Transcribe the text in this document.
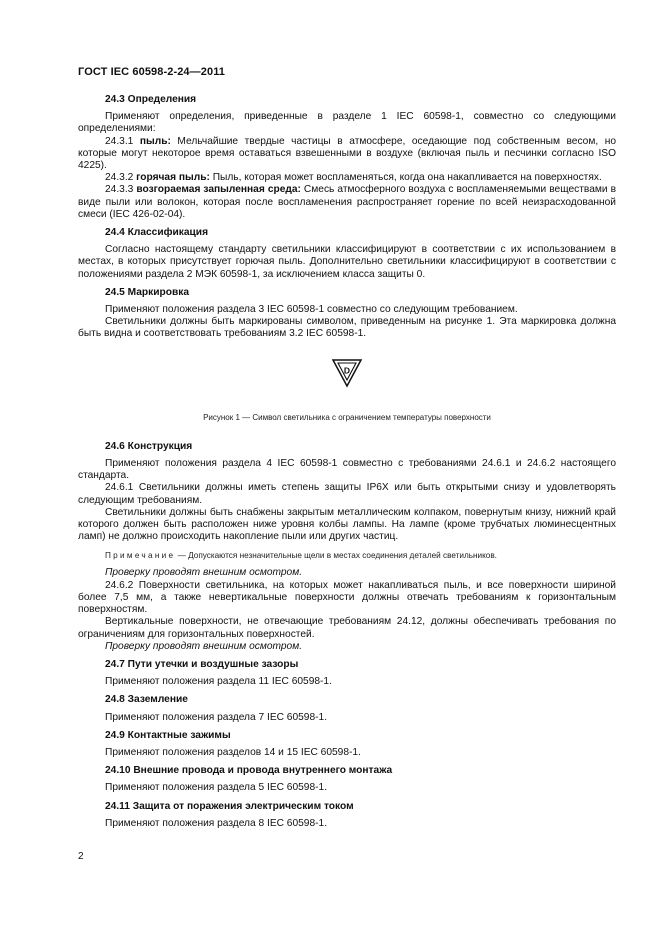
ГОСТ IEC 60598-2-24—2011

24.3 Определения

Применяют определения, приведенные в разделе 1 IEC 60598-1, совместно со следующими определениями:

24.3.1 пыль: Мельчайшие твердые частицы в атмосфере, оседающие под собственным весом, но которые могут некоторое время оставаться взвешенными в воздухе (включая пыль и песчинки согласно ISO 4225).

24.3.2 горячая пыль: Пыль, которая может воспламеняться, когда она накапливается на поверхностях.

24.3.3 возгораемая запыленная среда: Смесь атмосферного воздуха с воспламеняемыми веществами в виде пыли или волокон, которая после воспламенения распространяет горение по всей неизрасходованной смеси (IEC 426-02-04).

24.4 Классификация

Согласно настоящему стандарту светильники классифицируют в соответствии с их использованием в местах, в которых присутствует горючая пыль. Дополнительно светильники классифицируют в соответствии с положениями раздела 2 МЭК 60598-1, за исключением класса защиты 0.

24.5 Маркировка

Применяют положения раздела 3 IEC 60598-1 совместно со следующим требованием.

Светильники должны быть маркированы символом, приведенным на рисунке 1. Эта маркировка должна быть видна и соответствовать требованиям 3.2 IEC 60598-1.

D

Рисунок 1 — Символ светильника с ограничением температуры поверхности

24.6 Конструкция

Применяют положения раздела 4 IEC 60598-1 совместно с требованиями 24.6.1 и 24.6.2 настоящего стандарта.

24.6.1 Светильники должны иметь степень защиты IP6X или быть открытыми снизу и удовлетворять следующим требованиям.

Светильники должны быть снабжены закрытым металлическим колпаком, повернутым книзу, нижний край которого должен быть расположен ниже уровня колбы лампы. На лампе (кроме трубчатых люминесцентных ламп) не должно происходить накопление пыли или других частиц.

Примечание — Допускаются незначительные щели в местах соединения деталей светильников.

Проверку проводят внешним осмотром.

24.6.2 Поверхности светильника, на которых может накапливаться пыль, и все поверхности шириной более 7,5 мм, а также невертикальные поверхности должны отвечать требованиям к горизонтальным поверхностям.

Вертикальные поверхности, не отвечающие требованиям 24.12, должны обеспечивать требования по ограничениям для горизонтальных поверхностей.

Проверку проводят внешним осмотром.

24.7 Пути утечки и воздушные зазоры

Применяют положения раздела 11 IEC 60598-1.

24.8 Заземление

Применяют положения раздела 7 IEC 60598-1.

24.9 Контактные зажимы

Применяют положения разделов 14 и 15 IEC 60598-1.

24.10 Внешние провода и провода внутреннего монтажа

Применяют положения раздела 5 IEC 60598-1.

24.11 Защита от поражения электрическим током

Применяют положения раздела 8 IEC 60598-1.

2
